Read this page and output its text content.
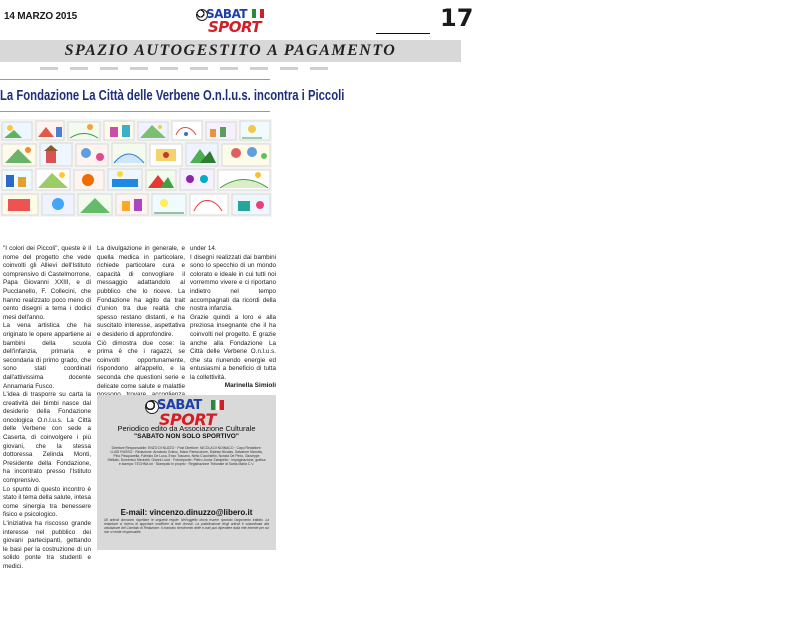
14 MARZO 2015	SABAT
SPORT	17
SPAZIO AUTOGESTITO A PAGAMENTO
La Fondazione La Città delle Verbene O.n.l.u.s. incontra i Piccoli

"I colori dei Piccoli", queste è il nome del progetto che vede coinvolti gli Allievi dell'Istituto comprensivo di Castelmorrone, Papa Giovanni XXIII, e di Pucclanello, F. Collecini, che hanno realizzato poco meno di cento disegni a tema i dodici mesi dell'anno.

La vena artistica che ha originato le opere appartiene ai bambini della scuola dell'infanzia, primaria e secondaria di primo grado, che sono stati coordinati dall'attivissima docente Annamaria Fusco.

L'idea di trasporre su carta la creatività dei bimbi nasce dal desiderio della Fondazione oncologica O.n.l.u.s. La Città delle Verbene con sede a Caserta, di coinvolgere i più giovani, che la stessa dottoressa Zelinda Monti, Presidente della Fondazione, ha incontrato presso l'Istituto comprensivo.

Lo spunto di questo incontro è stato il tema della salute, intesa come sinergia tra benessere fisico e psicologico.

L'iniziativa ha riscosso grande interesse nel pubblico dei giovani partecipanti, gettando le basi per la costruzione di un solido ponte tra studenti e medici.

La divulgazione in generale, e quella medica in particolare, richiede particolare cura e capacità di convogliare il messaggio adattandolo al pubblico che lo riceve. La Fondazione ha agito da trait d'union tra due realtà che spesso restano distanti, e ha suscitato interesse, aspettativa e desiderio di approfondire.

Ciò dimostra due cose: la prima è che i ragazzi, se coinvolti opportunamente, rispondono all'appello, e la seconda che questioni serie e delicate come salute e malattie

under 14.

I disegni realizzati dai bambini sono lo specchio di un mondo colorato e ideale in cui tutti noi vorremmo vivere e ci riportano indietro nel tempo accompagnati da ricordi della nostra infanzia.

Grazie quindi a loro e alla preziosa insegnante che il ha coinvolti nel progetto. E grazie anche alla Fondazione La Città delle Verbene O.n.l.u.s. che sta riunendo energie ed entusiasmi a beneficio di tutta la collettività.

Marinella Simioli
SABAT
SPORT
Periodico edito da Associazione Culturale
"SABATO NON SOLO SPORTIVO"
Direttore Responsabile: ENZO DI NUZZO · Post Direttore: NICOLA DI NOINACO · Capo Redattore: LUIGI RUSSO · Redazione: Armando Grieco, Mario Pantoccione, Dalessi Nicolas, Salvatore Marotta, Pino Pasquarella, Fabrizio De Luca, Enzo Toscano, Nello Cucciniello, Nunzia De Pinto, Giuseppe Stellato, Domenico Merinelli, Gianni Lucci · Fotoreporter: Pietro Junior Zampiello · Impaginazione, grafica e stampa: TECHNA srl · Stampato in proprio · Registrazione Tribunale di Santa Maria C.V.
E-mail: vincenzo.dinuzzo@libero.it
Gli articoli dovranno rispettare le seguenti regole: Nell'oggetto dovrà essere riportato l'argomento trattato. La redazione si riserva di apportare modifiche ai testi ricevuti. La pubblicazione degli articoli è subordinata alla valutazione del Comitato di Redazione. Il mancato ricevimento delle e-mail può dipendere dalla rete internet per cui non si rende responsabile.
